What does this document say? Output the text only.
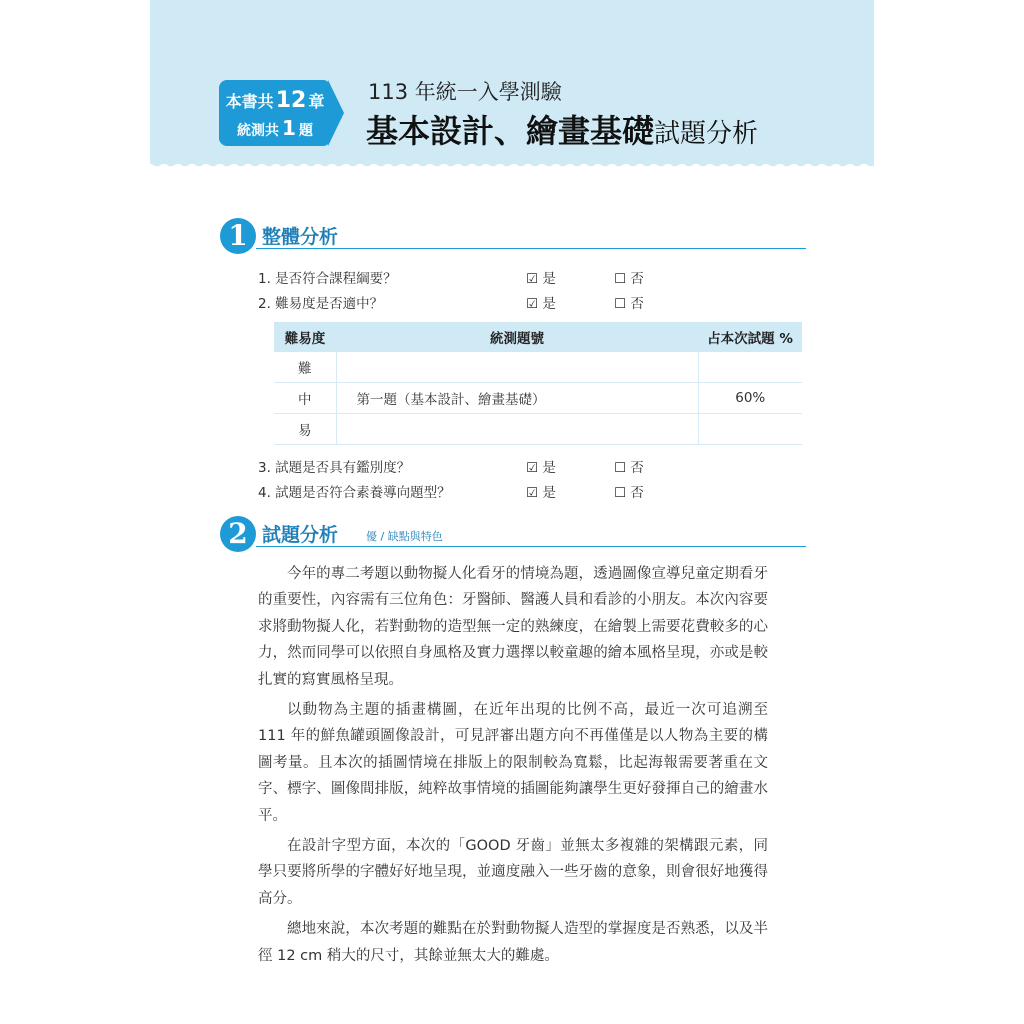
本書共12 章
統測共 1 題
113 年統一入學測驗
基本設計、繪畫基礎試題分析
1 整體分析
1. 是否符合課程綱要？	☑ 是	☐ 否
2. 難易度是否適中？	☑ 是	☐ 否
難易度	統測題號	占本次試題 %
難		
中	第一題（基本設計、繪畫基礎）	60%
易		
3. 試題是否具有鑑別度？	☑ 是	☐ 否
4. 試題是否符合素養導向題型？	☑ 是	☐ 否
2 試題分析	優 / 缺點與特色

今年的專二考題以動物擬人化看牙的情境為題，透過圖像宣導兒童定期看牙的重要性，內容需有三位角色：牙醫師、醫護人員和看診的小朋友。本次內容要求將動物擬人化，若對動物的造型無一定的熟練度，在繪製上需要花費較多的心力，然而同學可以依照自身風格及實力選擇以較童趣的繪本風格呈現，亦或是較扎實的寫實風格呈現。

以動物為主題的插畫構圖，在近年出現的比例不高，最近一次可追溯至 111 年的鮮魚罐頭圖像設計，可見評審出題方向不再僅僅是以人物為主要的構圖考量。且本次的插圖情境在排版上的限制較為寬鬆，比起海報需要著重在文字、標字、圖像間排版，純粹故事情境的插圖能夠讓學生更好發揮自己的繪畫水平。

在設計字型方面，本次的「GOOD 牙齒」並無太多複雜的架構跟元素，同學只要將所學的字體好好地呈現，並適度融入一些牙齒的意象，則會很好地獲得高分。

總地來說，本次考題的難點在於對動物擬人造型的掌握度是否熟悉，以及半徑 12 cm 稍大的尺寸，其餘並無太大的難處。
